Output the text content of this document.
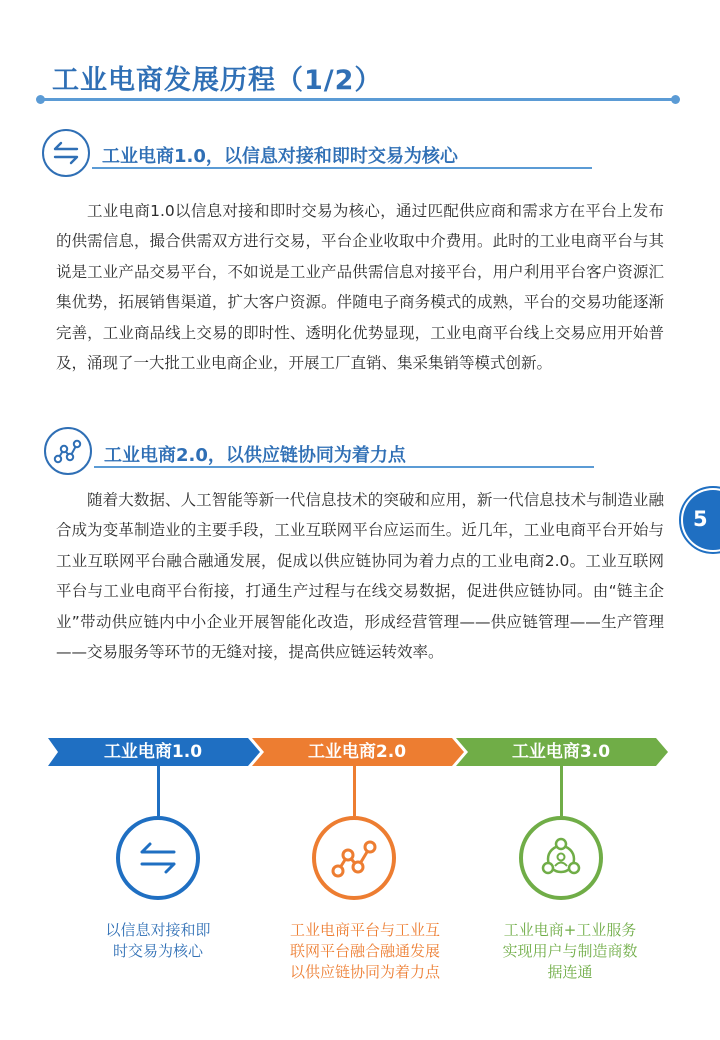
工业电商发展历程（1/2）
工业电商1.0，以信息对接和即时交易为核心
工业电商1.0以信息对接和即时交易为核心，通过匹配供应商和需求方在平台上发布的供需信息，撮合供需双方进行交易，平台企业收取中介费用。此时的工业电商平台与其说是工业产品交易平台，不如说是工业产品供需信息对接平台，用户利用平台客户资源汇集优势，拓展销售渠道，扩大客户资源。伴随电子商务模式的成熟，平台的交易功能逐渐完善，工业商品线上交易的即时性、透明化优势显现，工业电商平台线上交易应用开始普及，涌现了一大批工业电商企业，开展工厂直销、集采集销等模式创新。
工业电商2.0，以供应链协同为着力点
随着大数据、人工智能等新一代信息技术的突破和应用，新一代信息技术与制造业融合成为变革制造业的主要手段，工业互联网平台应运而生。近几年，工业电商平台开始与工业互联网平台融合融通发展，促成以供应链协同为着力点的工业电商2.0。工业互联网平台与工业电商平台衔接，打通生产过程与在线交易数据，促进供应链协同。由“链主企业”带动供应链内中小企业开展智能化改造，形成经营管理——供应链管理——生产管理——交易服务等环节的无缝对接，提高供应链运转效率。
5
工业电商1.0	工业电商2.0	工业电商3.0
以信息对接和即
时交易为核心
工业电商平台与工业互
联网平台融合融通发展
以供应链协同为着力点
工业电商+工业服务
实现用户与制造商数
据连通
